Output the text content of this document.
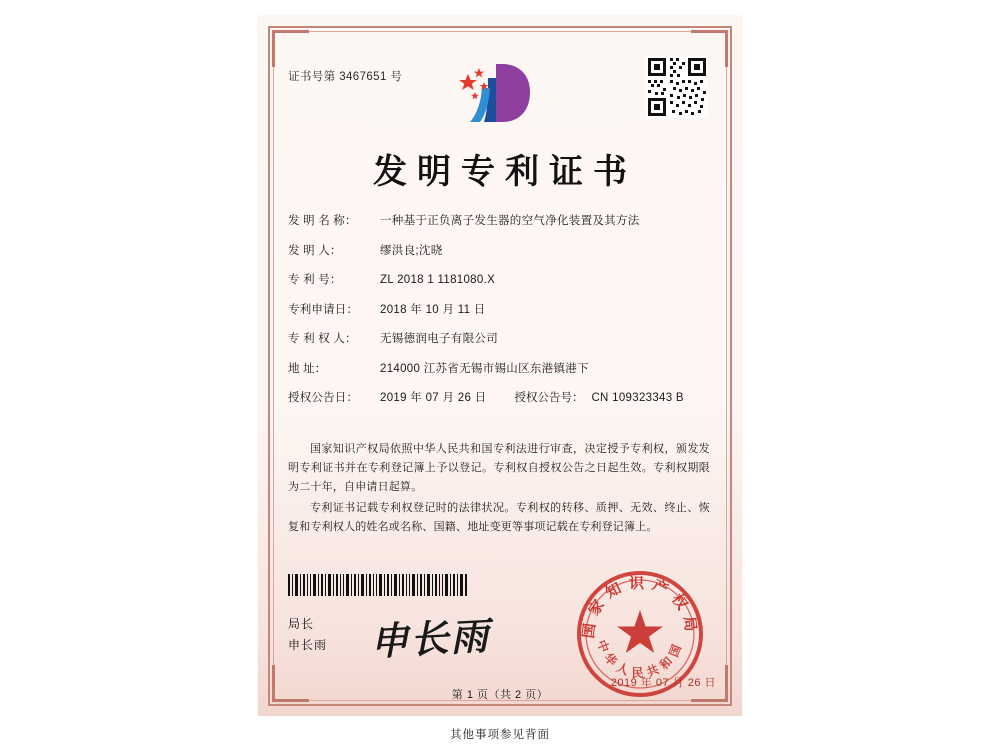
证书号第 3467651 号
发明专利证书
发 明 名 称：	一种基于正负离子发生器的空气净化装置及其方法
发 明 人：	缪洪良;沈晓
专 利 号：	ZL 2018 1 1181080.X
专利申请日：	2018 年 10 月 11 日
专 利 权 人：	无锡德润电子有限公司
地 址：	214000 江苏省无锡市锡山区东港镇港下
授权公告日：	2019 年 07 月 26 日 授权公告号： CN 109323343 B

国家知识产权局依照中华人民共和国专利法进行审查，决定授予专利权，颁发发明专利证书并在专利登记簿上予以登记。专利权自授权公告之日起生效。专利权期限为二十年，自申请日起算。

专利证书记载专利权登记时的法律状况。专利权的转移、质押、无效、终止、恢复和专利权人的姓名或名称、国籍、地址变更等事项记载在专利登记簿上。

局长
申长雨 申长雨	国家知识产权局
中华人民共和国
2019 年 07 月 26 日
第 1 页（共 2 页）
其他事项参见背面
